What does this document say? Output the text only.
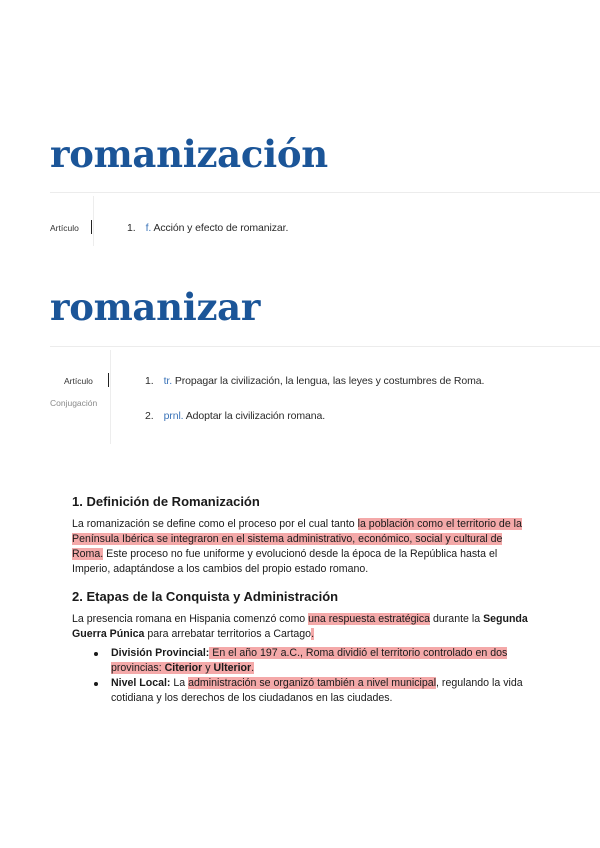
romanización
Artículo	1. f. Acción y efecto de romanizar.
romanizar
Artículo
Conjugación
1. tr. Propagar la civilización, la lengua, las leyes y costumbres de Roma.
2. prnl. Adoptar la civilización romana.
1. Definición de Romanización
La romanización se define como el proceso por el cual tanto la población como el territorio de la Península Ibérica se integraron en el sistema administrativo, económico, social y cultural de Roma. Este proceso no fue uniforme y evolucionó desde la época de la República hasta el Imperio, adaptándose a los cambios del propio estado romano.
2. Etapas de la Conquista y Administración
La presencia romana en Hispania comenzó como una respuesta estratégica durante la Segunda Guerra Púnica para arrebatar territorios a Cartago.
División Provincial: En el año 197 a.C., Roma dividió el territorio controlado en dos provincias: Citerior y Ulterior.
Nivel Local: La administración se organizó también a nivel municipal, regulando la vida cotidiana y los derechos de los ciudadanos en las ciudades.
